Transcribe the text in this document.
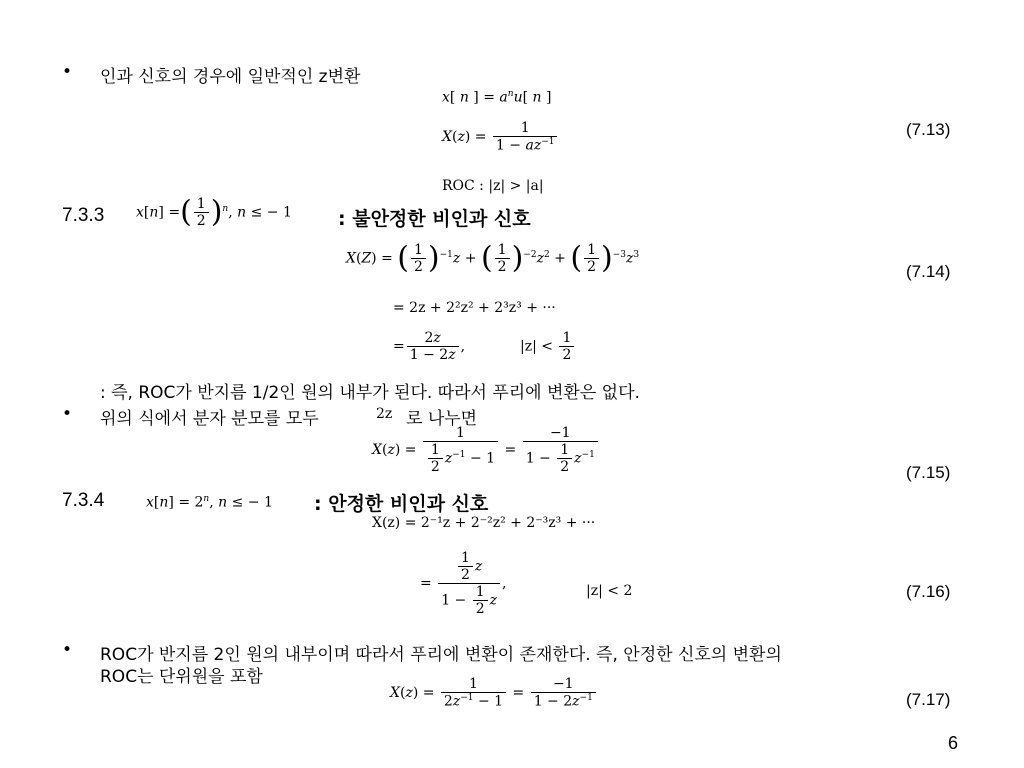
• 인과 신호의 경우에 일반적인 z변환
x[ n ] = $a^nu$[ n ]
$X(z) = \frac{1}{1 - az^{-1}}$	(7.13)
ROC : |z| > |a|
7.3.3 x[n] =( $\frac{1}{2} )^n$, n ≤ − 1 : 불안정한 비인과 신호
X(Z) = ( $\frac{1}{2} )^{-1}z$ + ( $\frac{1}{2} )^{-2}z^2$ + ( $\frac{1}{2} )^{-3}z^3$
(7.14)
= 2z + 2²z² + 2³z³ + ···
= $\frac{2z}{1 - 2z}$ ,	$|z| < \frac{1}{2}$
: 즉, ROC가 반지름 1/2인 원의 내부가 된다. 따라서 푸리에 변환은 없다.
• 위의 식에서 분자 분모를 모두	2z 로 나누면
$X(z) = \frac{1}{\frac{1}{2} z^{-1} - 1} = \frac{-1}{1 - \frac{1}{2} z^{-1}}$	(7.15)
7.3.4	$x[n] = 2^n$, n ≤ − 1 : 안정한 비인과 신호
X(z) = 2⁻¹z + 2⁻²z² + 2⁻³z³ + ···
= $\frac{\frac{1}{2} z}{1 - \frac{1}{2} z}$ ,	|z| < 2	(7.16)
• ROC가 반지름 2인 원의 내부이며 따라서 푸리에 변환이 존재한다. 즉, 안정한 신호의 변환의
ROC는 단위원을 포함
$X(z) = \frac{1}{2z^{-1} - 1} = \frac{-1}{1 - 2z^{-1}}$	(7.17)
6
